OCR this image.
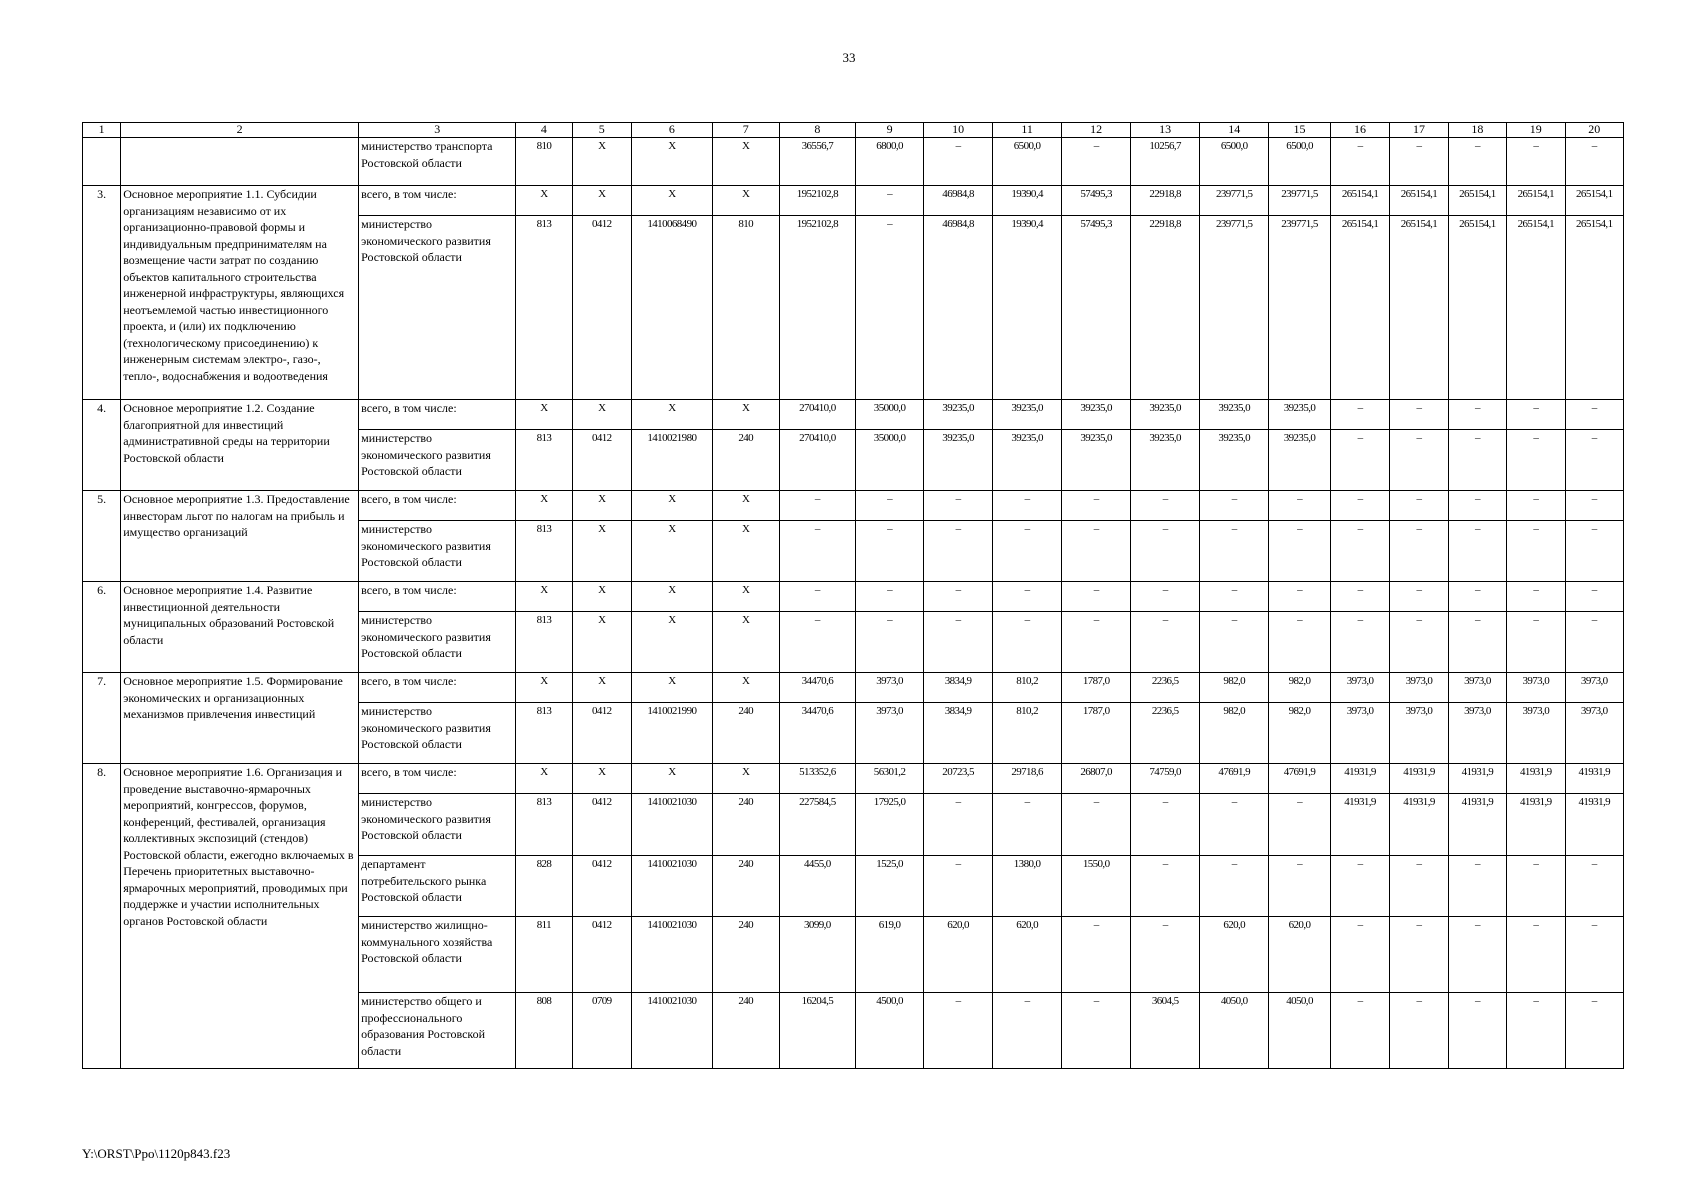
33
1	2	3	4	5	6	7	8	9	10	11	12	13	14	15	16	17	18	19	20
		министерство транспорта Ростовской области	810	X	X	X	36556,7	6800,0	–	6500,0	–	10256,7	6500,0	6500,0	–	–	–	–	–
3.	Основное мероприятие 1.1. Субсидии организациям независимо от их организационно-правовой формы и индивидуальным предпринимателям на возмещение части затрат по созданию объектов капитального строительства инженерной инфраструктуры, являющихся неотъемлемой частью инвестиционного проекта, и (или) их подключению (технологическому присоединению) к инженерным системам электро-, газо-, тепло-, водоснабжения и водоотведения	всего, в том числе:	X	X	X	X	1952102,8	–	46984,8	19390,4	57495,3	22918,8	239771,5	239771,5	265154,1	265154,1	265154,1	265154,1	265154,1
		министерство экономического развития Ростовской области	813	0412	1410068490	810	1952102,8	–	46984,8	19390,4	57495,3	22918,8	239771,5	239771,5	265154,1	265154,1	265154,1	265154,1	265154,1
4.	Основное мероприятие 1.2. Создание благоприятной для инвестиций административной среды на территории Ростовской области	всего, в том числе:	X	X	X	X	270410,0	35000,0	39235,0	39235,0	39235,0	39235,0	39235,0	39235,0	–	–	–	–	–
		министерство экономического развития Ростовской области	813	0412	1410021980	240	270410,0	35000,0	39235,0	39235,0	39235,0	39235,0	39235,0	39235,0	–	–	–	–	–
5.	Основное мероприятие 1.3. Предоставление инвесторам льгот по налогам на прибыль и имущество организаций	всего, в том числе:	X	X	X	X	–	–	–	–	–	–	–	–	–	–	–	–	–
		министерство экономического развития Ростовской области	813	X	X	X	–	–	–	–	–	–	–	–	–	–	–	–	–
6.	Основное мероприятие 1.4. Развитие инвестиционной деятельности муниципальных образований Ростовской области	всего, в том числе:	X	X	X	X	–	–	–	–	–	–	–	–	–	–	–	–	–
		министерство экономического развития Ростовской области	813	X	X	X	–	–	–	–	–	–	–	–	–	–	–	–	–
7.	Основное мероприятие 1.5. Формирование экономических и организационных механизмов привлечения инвестиций	всего, в том числе:	X	X	X	X	34470,6	3973,0	3834,9	810,2	1787,0	2236,5	982,0	982,0	3973,0	3973,0	3973,0	3973,0	3973,0
		министерство экономического развития Ростовской области	813	0412	1410021990	240	34470,6	3973,0	3834,9	810,2	1787,0	2236,5	982,0	982,0	3973,0	3973,0	3973,0	3973,0	3973,0
8.	Основное мероприятие 1.6. Организация и проведение выставочно-ярмарочных мероприятий, конгрессов, форумов, конференций, фестивалей, организация коллективных экспозиций (стендов) Ростовской области, ежегодно включаемых в Перечень приоритетных выставочно-ярмарочных мероприятий, проводимых при поддержке и участии исполнительных органов Ростовской области	всего, в том числе:	X	X	X	X	513352,6	56301,2	20723,5	29718,6	26807,0	74759,0	47691,9	47691,9	41931,9	41931,9	41931,9	41931,9	41931,9
		министерство экономического развития Ростовской области	813	0412	1410021030	240	227584,5	17925,0	–	–	–	–	–	–	41931,9	41931,9	41931,9	41931,9	41931,9
		департамент потребительского рынка Ростовской области	828	0412	1410021030	240	4455,0	1525,0	–	1380,0	1550,0	–	–	–	–	–	–	–	–
		министерство жилищно-коммунального хозяйства Ростовской области	811	0412	1410021030	240	3099,0	619,0	620,0	620,0	–	–	620,0	620,0	–	–	–	–	–
		министерство общего и профессионального образования Ростовской области	808	0709	1410021030	240	16204,5	4500,0	–	–	–	3604,5	4050,0	4050,0	–	–	–	–	–
Y:\ORST\Ppo\1120p843.f23
